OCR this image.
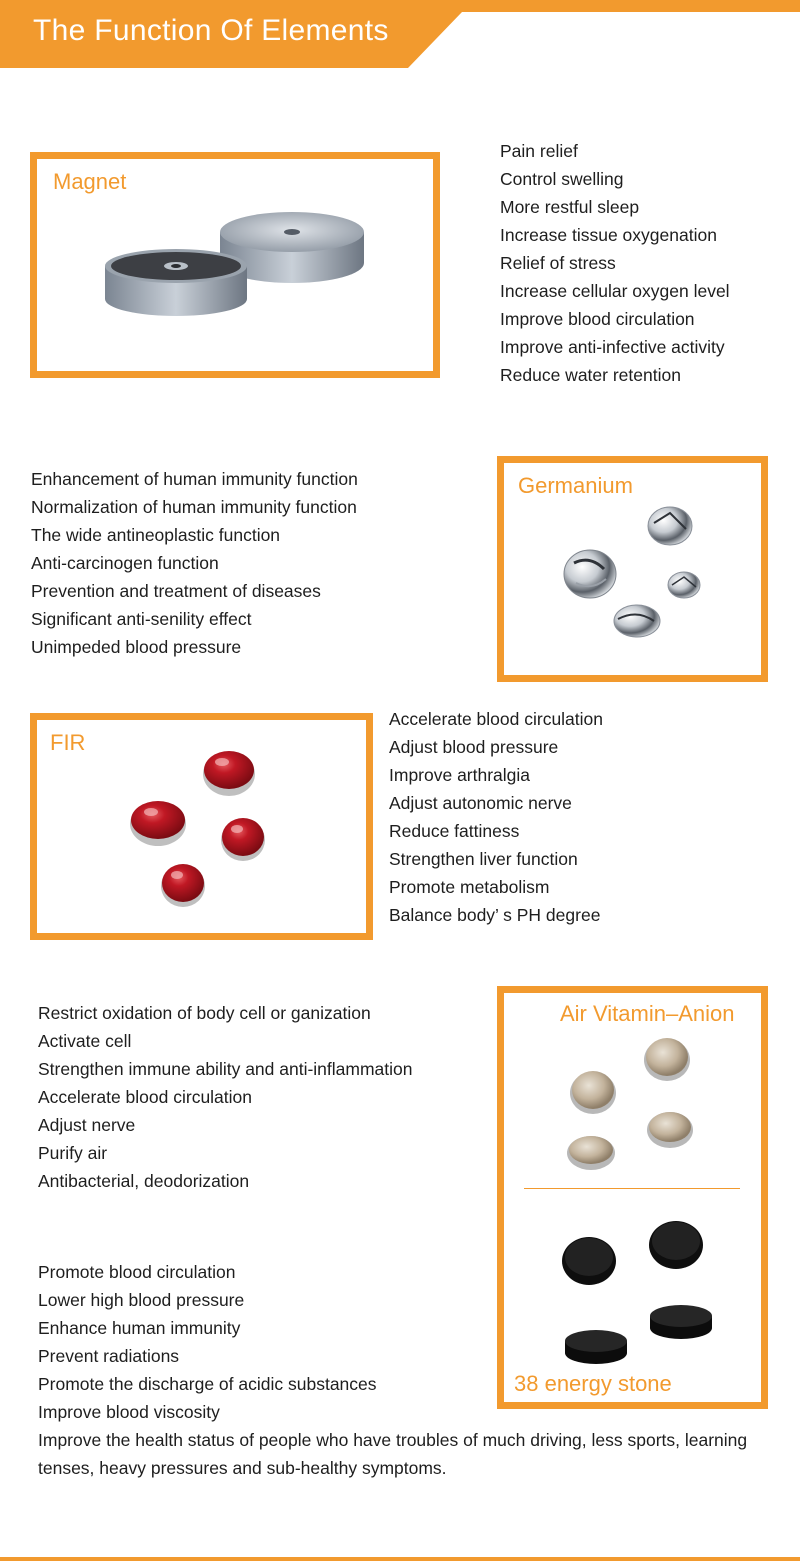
The Function Of Elements
Magnet
Pain relief
Control swelling
More restful sleep
Increase tissue oxygenation
Relief of stress
Increase cellular oxygen level
Improve blood circulation
Improve anti-infective activity
Reduce water retention
Enhancement of human immunity function
Normalization of human immunity function
The wide antineoplastic function
Anti-carcinogen function
Prevention and treatment of diseases
Significant anti-senility effect
Unimpeded blood pressure
Germanium
FIR
Accelerate blood circulation
Adjust blood pressure
Improve arthralgia
Adjust autonomic nerve
Reduce fattiness
Strengthen liver function
Promote metabolism
Balance body’ s PH degree
Restrict oxidation of body cell or ganization
Activate cell
Strengthen immune ability and anti-inflammation
Accelerate blood circulation
Adjust nerve
Purify air
Antibacterial, deodorization
Air Vitamin–Anion
38 energy stone
Promote blood circulation
Lower high blood pressure
Enhance human immunity
Prevent radiations
Promote the discharge of acidic substances
Improve blood viscosity
Improve the health status of people who have troubles of much driving, less sports, learning tenses, heavy pressures and sub-healthy symptoms.
